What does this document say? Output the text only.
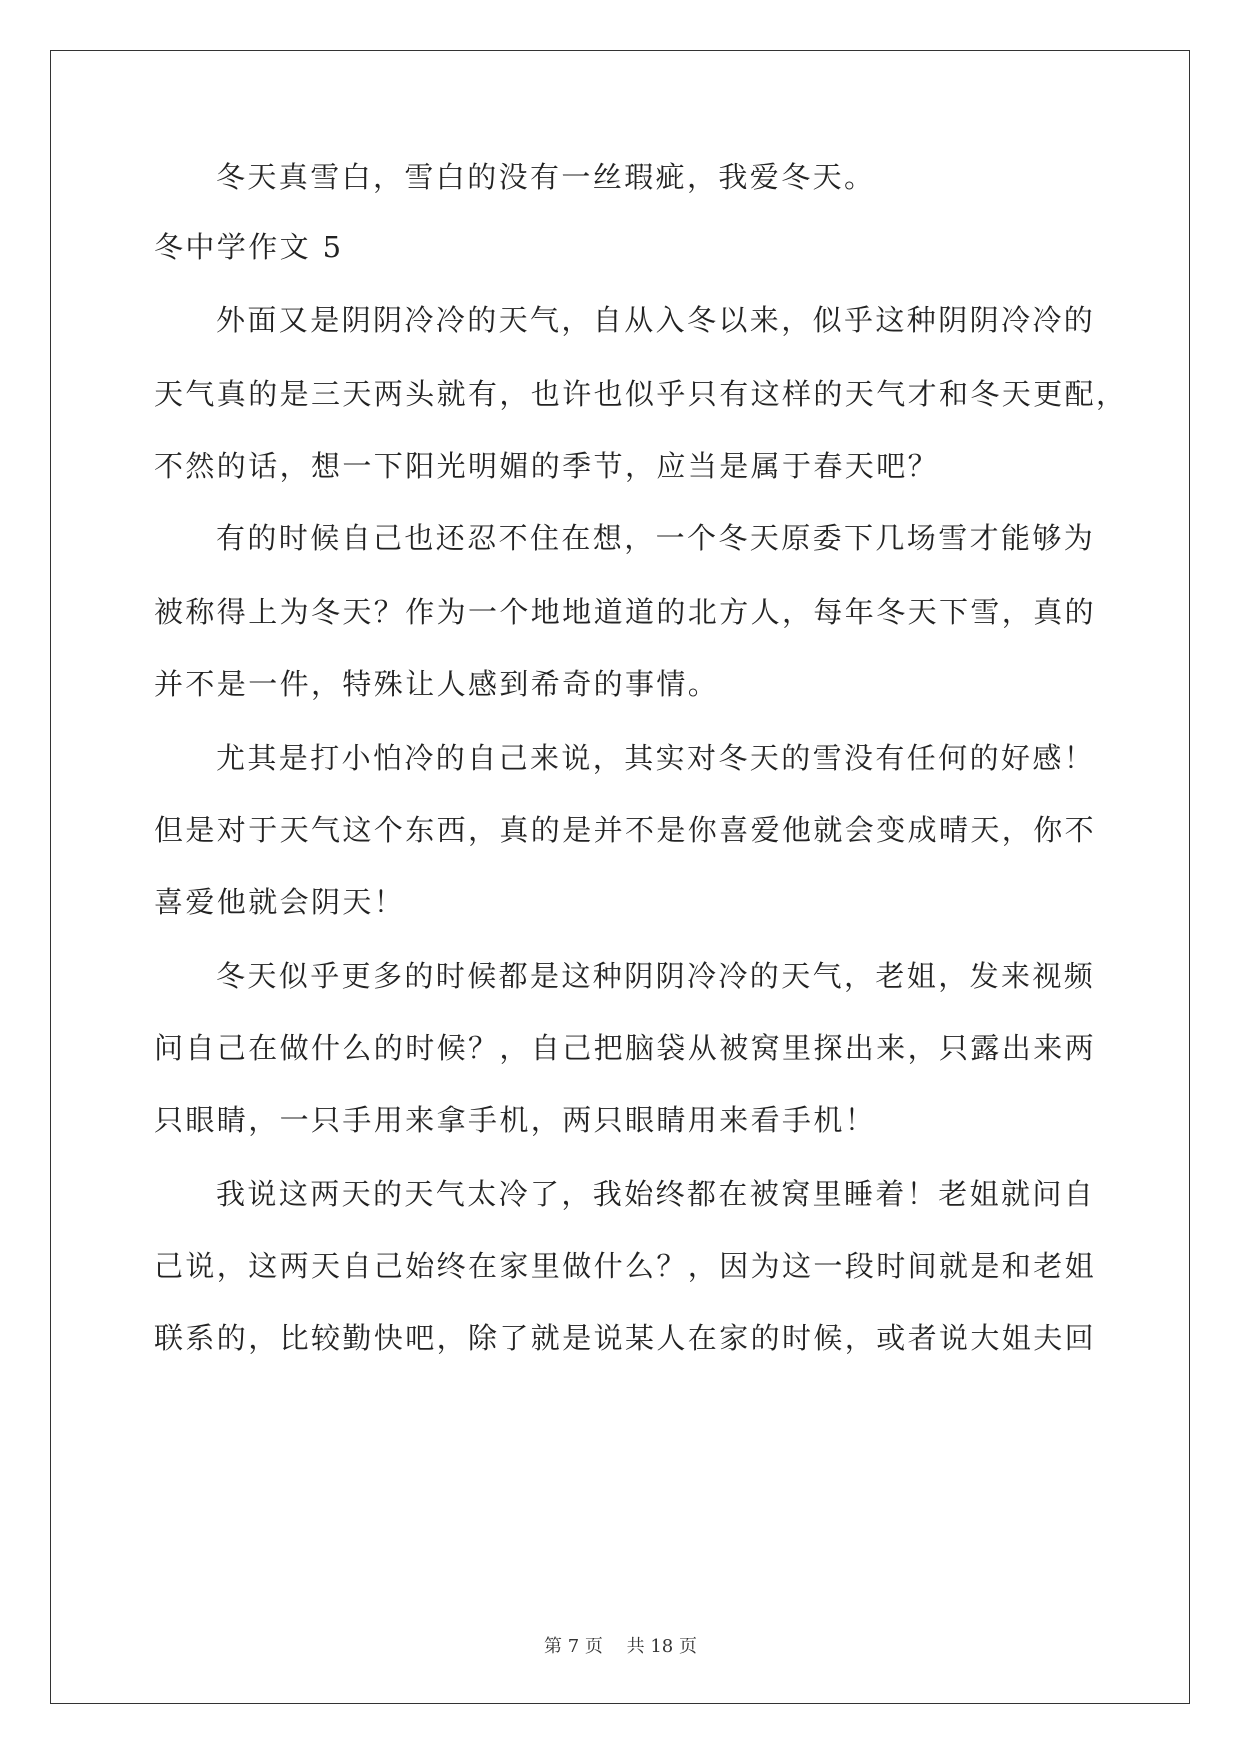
冬天真雪白，雪白的没有一丝瑕疵，我爱冬天。
冬中学作文 5
外面又是阴阴冷冷的天气，自从入冬以来，似乎这种阴阴冷冷的
天气真的是三天两头就有，也许也似乎只有这样的天气才和冬天更配，
不然的话，想一下阳光明媚的季节，应当是属于春天吧？
有的时候自己也还忍不住在想，一个冬天原委下几场雪才能够为
被称得上为冬天？作为一个地地道道的北方人，每年冬天下雪，真的
并不是一件，特殊让人感到希奇的事情。
尤其是打小怕冷的自己来说，其实对冬天的雪没有任何的好感！
但是对于天气这个东西，真的是并不是你喜爱他就会变成晴天，你不
喜爱他就会阴天！
冬天似乎更多的时候都是这种阴阴冷冷的天气，老姐，发来视频
问自己在做什么的时候？，自己把脑袋从被窝里探出来，只露出来两
只眼睛，一只手用来拿手机，两只眼睛用来看手机！
我说这两天的天气太冷了，我始终都在被窝里睡着！老姐就问自
己说，这两天自己始终在家里做什么？，因为这一段时间就是和老姐
联系的，比较勤快吧，除了就是说某人在家的时候，或者说大姐夫回
第 7 页　 共 18 页
